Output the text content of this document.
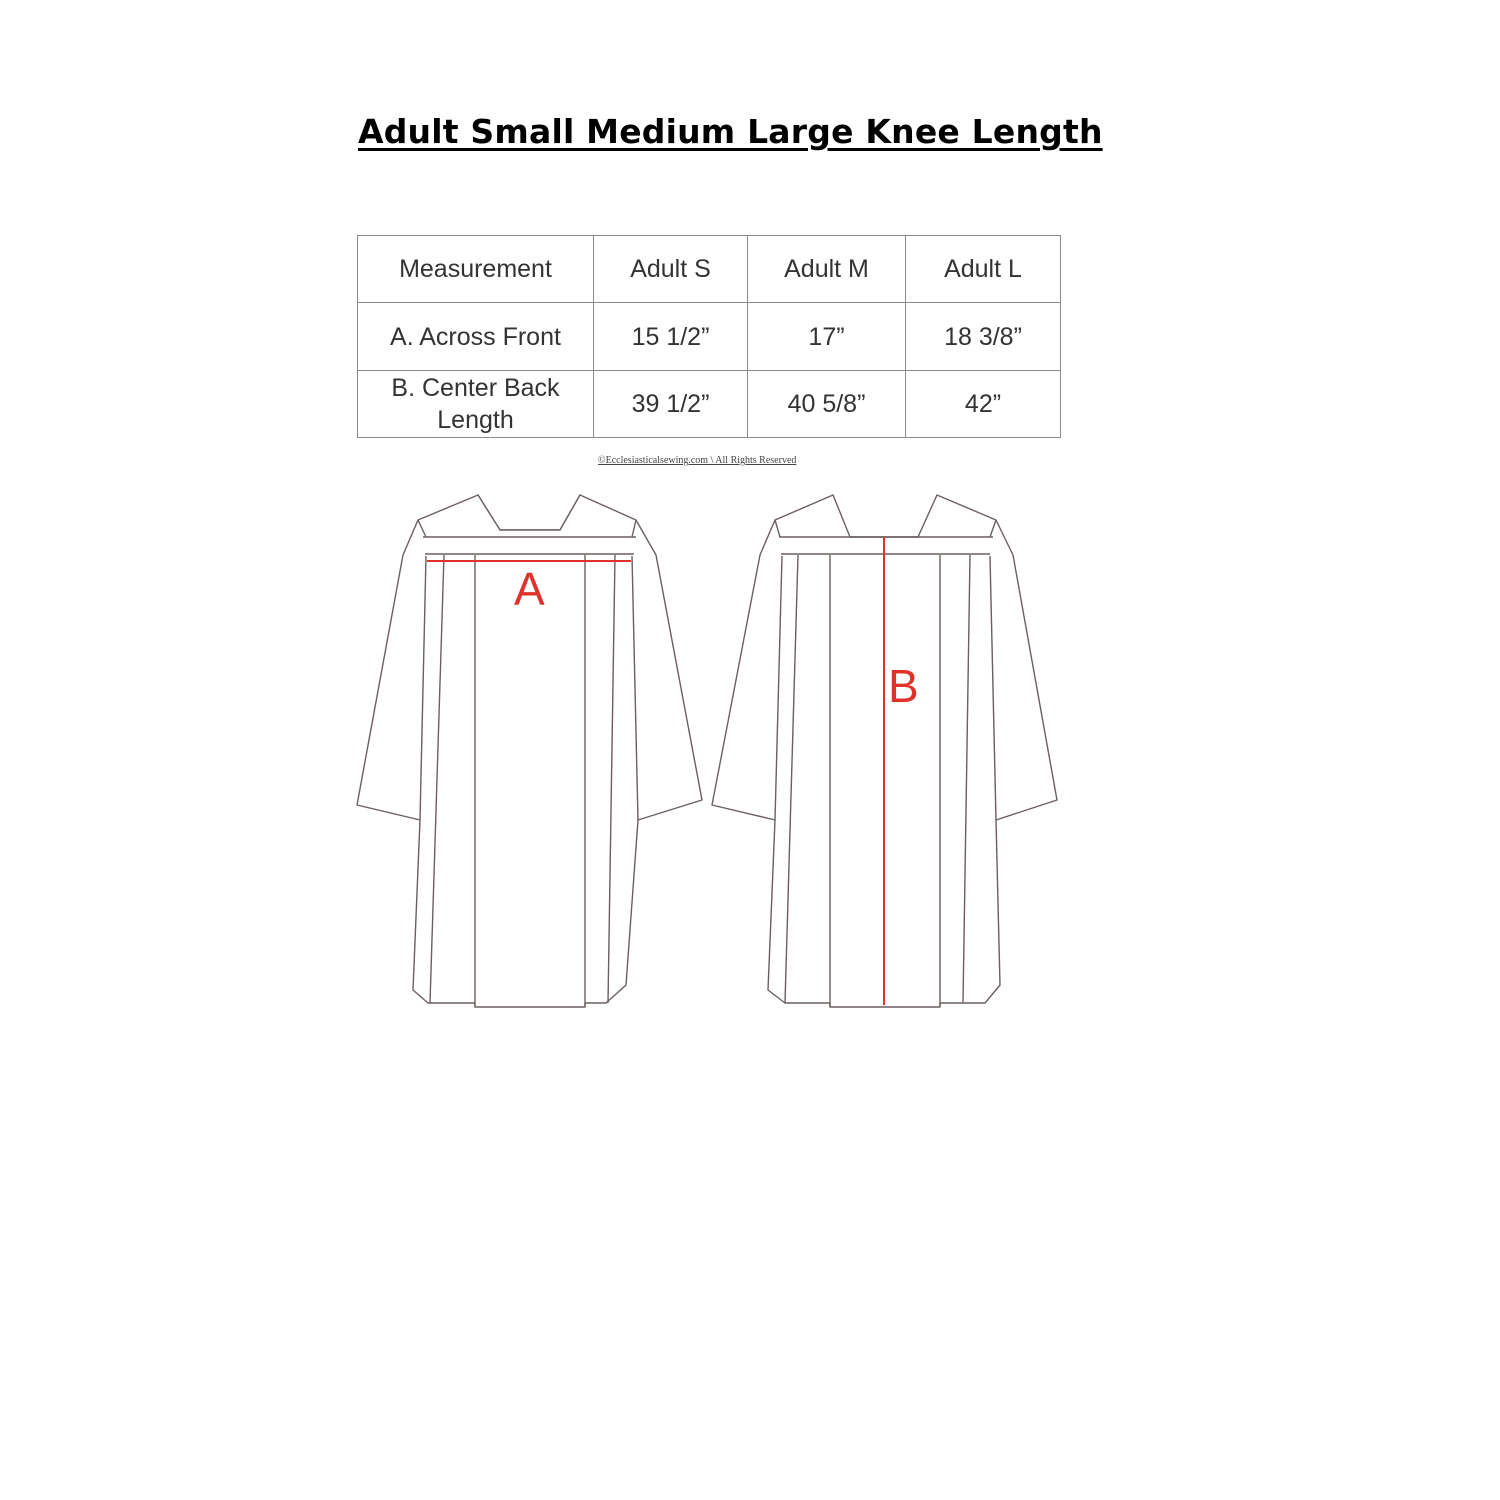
Adult Small Medium Large Knee Length
Measurement	Adult S	Adult M	Adult L
A. Across Front	15 1/2”	17”	18 3/8”
B. Center Back Length	39 1/2”	40 5/8”	42”
©Ecclesiasticalsewing.com \ All Rights Reserved
A
B
